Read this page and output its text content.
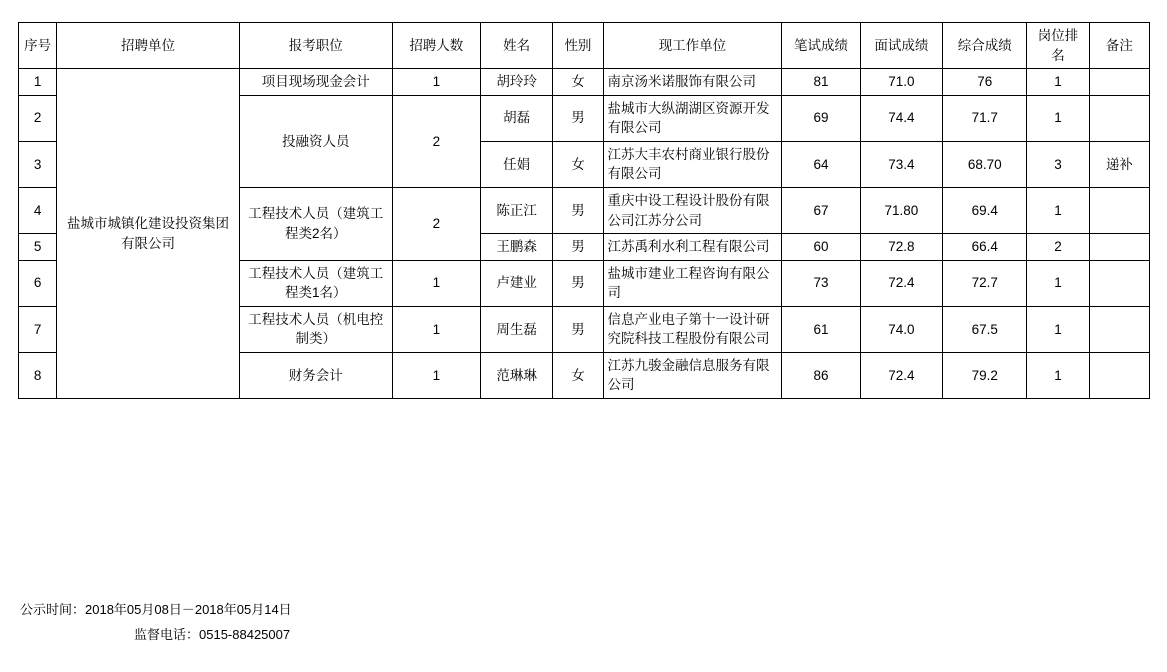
序号	招聘单位	报考职位	招聘人数	姓名	性别	现工作单位	笔试成绩	面试成绩	综合成绩	岗位排名	备注
1	盐城市城镇化建设投资集团有限公司	项目现场现金会计	1	胡玲玲	女	南京汤米诺服饰有限公司	81	71.0	76	1	
2		投融资人员	2	胡磊	男	盐城市大纵湖湖区资源开发有限公司	69	74.4	71.7	1	
3				任娟	女	江苏大丰农村商业银行股份有限公司	64	73.4	68.70	3	递补
4		工程技术人员（建筑工程类2名）	2	陈正江	男	重庆中设工程设计股份有限公司江苏分公司	67	71.80	69.4	1	
5				王鹏森	男	江苏禹利水利工程有限公司	60	72.8	66.4	2	
6		工程技术人员（建筑工程类1名）	1	卢建业	男	盐城市建业工程咨询有限公司	73	72.4	72.7	1	
7		工程技术人员（机电控制类）	1	周生磊	男	信息产业电子第十一设计研究院科技工程股份有限公司	61	74.0	67.5	1	
8		财务会计	1	范琳琳	女	江苏九骏金融信息服务有限公司	86	72.4	79.2	1	
公示时间：2018年05月08日－2018年05月14日
监督电话：0515-88425007
